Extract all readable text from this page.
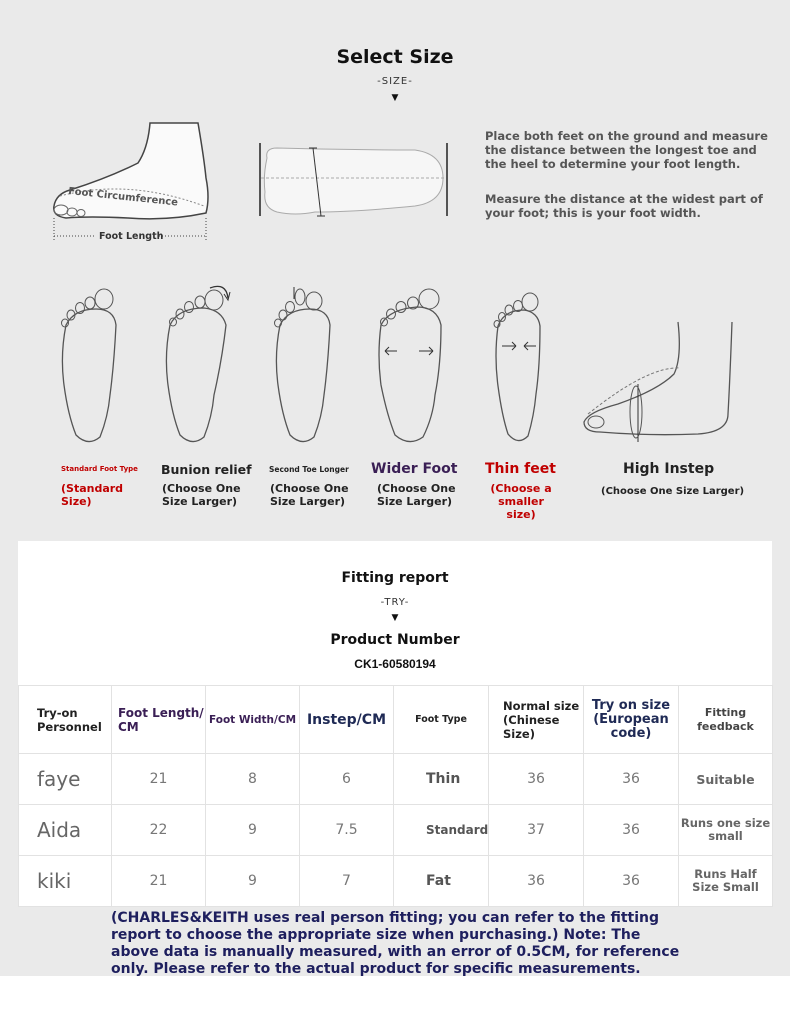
Select Size
-SIZE-
▼
Foot Circumference
Foot Length
Place both feet on the ground and measure the distance between the longest toe and the heel to determine your foot length.
Measure the distance at the widest part of your foot; this is your foot width.
Standard Foot Type
(Standard Size)
Bunion relief
(Choose One Size Larger)
Second Toe Longer
(Choose One Size Larger)
Wider Foot
(Choose One Size Larger)
Thin feet
(Choose a smaller size)
High Instep
(Choose One Size Larger)
Fitting report
-TRY-
▼
Product Number
CK1-60580194
Try-on Personnel	Foot Length/ CM	Foot Width/CM	Instep/CM	Foot Type	Normal size (Chinese Size)	Try on size (European code)	Fitting feedback
faye	21	8	6	Thin	36	36	Suitable
Aida	22	9	7.5	Standard	37	36	Runs one size small
kiki	21	9	7	Fat	36	36	Runs Half Size Small
(CHARLES&KEITH uses real person fitting; you can refer to the fitting report to choose the appropriate size when purchasing.) Note: The above data is manually measured, with an error of 0.5CM, for reference only. Please refer to the actual product for specific measurements.
